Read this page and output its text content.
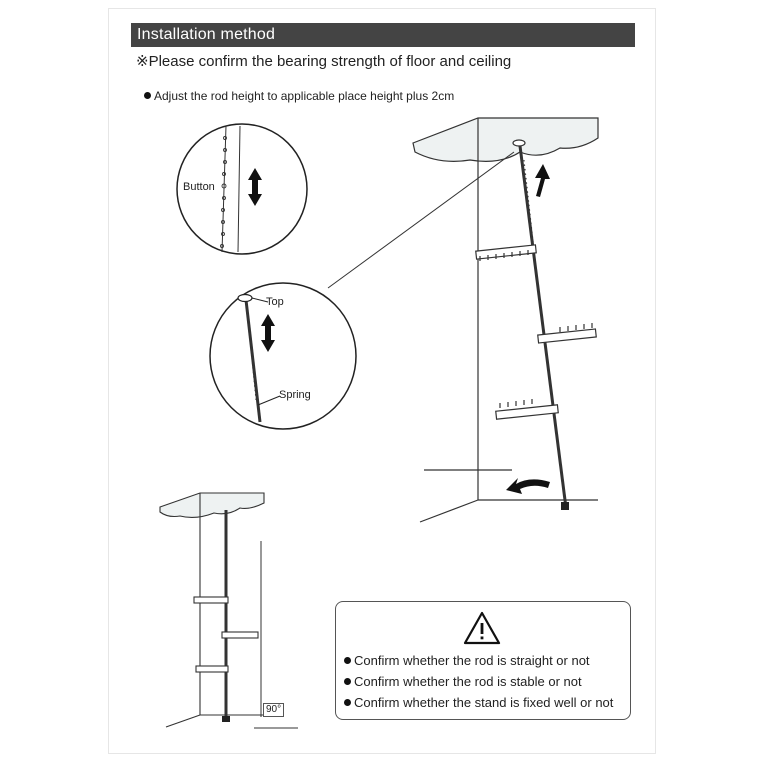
Installation method
※Please confirm the bearing strength of floor and ceiling
Adjust the rod height to applicable place height plus 2cm
Button
Top
Spring
90°
Confirm whether the rod is straight or not
Confirm whether the rod is stable or not
Confirm whether the stand is fixed well or not
